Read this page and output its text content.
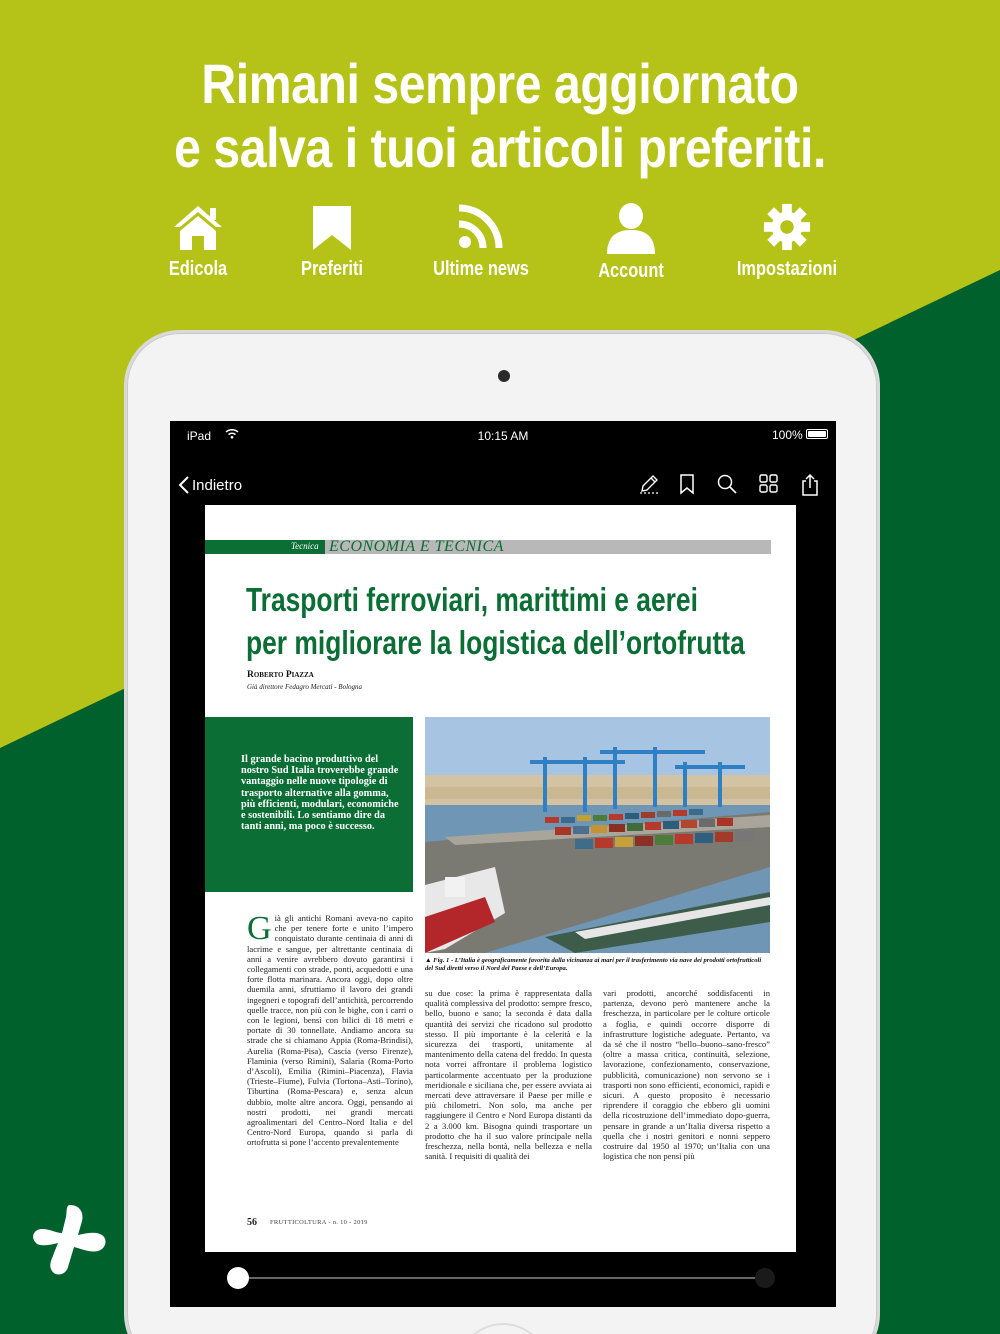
Rimani sempre aggiornato
e salva i tuoi articoli preferiti.
Edicola	Preferiti	Ultime news	Account	Impostazioni
iPad	10:15 AM	100%
Indietro
Tecnica ECONOMIA E TECNICA
Trasporti ferroviari, marittimi e aerei
per migliorare la logistica dell’ortofrutta
Roberto Piazza
Già direttore Fedagro Mercati - Bologna

Il grande bacino produttivo del nostro Sud Italia troverebbe grande vantaggio nelle nuove tipologie di trasporto alternative alla gomma, più efficienti, modulari, economiche e sostenibili. Lo sentiamo dire da tanti anni, ma poco è successo.

▲ Fig. 1 - L’Italia è geograficamente favorita dalla vicinanza ai mari per il trasferimento via nave dei prodotti ortofrutticoli del Sud diretti verso il Nord del Paese e dell’Europa.
G ià gli antichi Romani aveva-no capito che per tenere forte e unito l’impero conquistato durante centinaia di anni di lacrime e sangue, per altrettante centinaia di anni a venire avrebbero dovuto garantirsi i collegamenti con strade, ponti, acquedotti e una forte flotta marinara. Ancora oggi, dopo oltre duemila anni, sfruttiamo il lavoro dei grandi ingegneri e topografi dell’antichità, percorrendo quelle tracce, non più con le bighe, con i carri o con le legioni, bensì con bilici di 18 metri e portate di 30 tonnellate. Andiamo ancora su strade che si chiamano Appia (Roma-Brindisi), Aurelia (Roma-Pisa), Cascia (verso Firenze), Flaminia (verso Rimini), Salaria (Roma-Porto d’Ascoli), Emilia (Rimini–Piacenza), Flavia (Trieste–Fiume), Fulvia (Tortona–Asti–Torino), Tiburtina (Roma-Pescara) e, senza alcun dubbio, molte altre ancora. Oggi, pensando ai nostri prodotti, nei grandi mercati agroalimentari del Centro–Nord Italia e del Centro-Nord Europa, quando si parla di ortofrutta si pone l’accento prevalentemente
su due cose: la prima è rappresentata dalla qualità complessiva del prodotto: sempre fresco, bello, buono e sano; la seconda è data dalla quantità dei servizi che ricadono sul prodotto stesso. Il più importante è la celerità e la sicurezza dei trasporti, unitamente al mantenimento della catena del freddo. In questa nota vorrei affrontare il problema logistico particolarmente accentuato per la produzione meridionale e siciliana che, per essere avviata ai mercati deve attraversare il Paese per mille e più chilometri. Non solo, ma anche per raggiungere il Centro e Nord Europa distanti da 2 a 3.000 km. Bisogna quindi trasportare un prodotto che ha il suo valore principale nella freschezza, nella bontà, nella bellezza e nella sanità. I requisiti di qualità dei
vari prodotti, ancorché soddisfacenti in partenza, devono però mantenere anche la freschezza, in particolare per le colture orticole a foglia, e quindi occorre disporre di infrastrutture logistiche adeguate. Pertanto, va da sé che il nostro “bello–buono–sano-fresco” (oltre a massa critica, continuità, selezione, lavorazione, confezionamento, conservazione, pubblicità, comunicazione) non servono se i trasporti non sono efficienti, economici, rapidi e sicuri. A questo proposito è necessario riprendere il coraggio che ebbero gli uomini della ricostruzione dell’immediato dopo-guerra, pensare in grande a un’Italia diversa rispetto a quella che i nostri genitori e nonni seppero costruire dal 1950 al 1970; un’Italia con una logistica che non pensi più
56 FRUTTICOLTURA - n. 10 - 2019
